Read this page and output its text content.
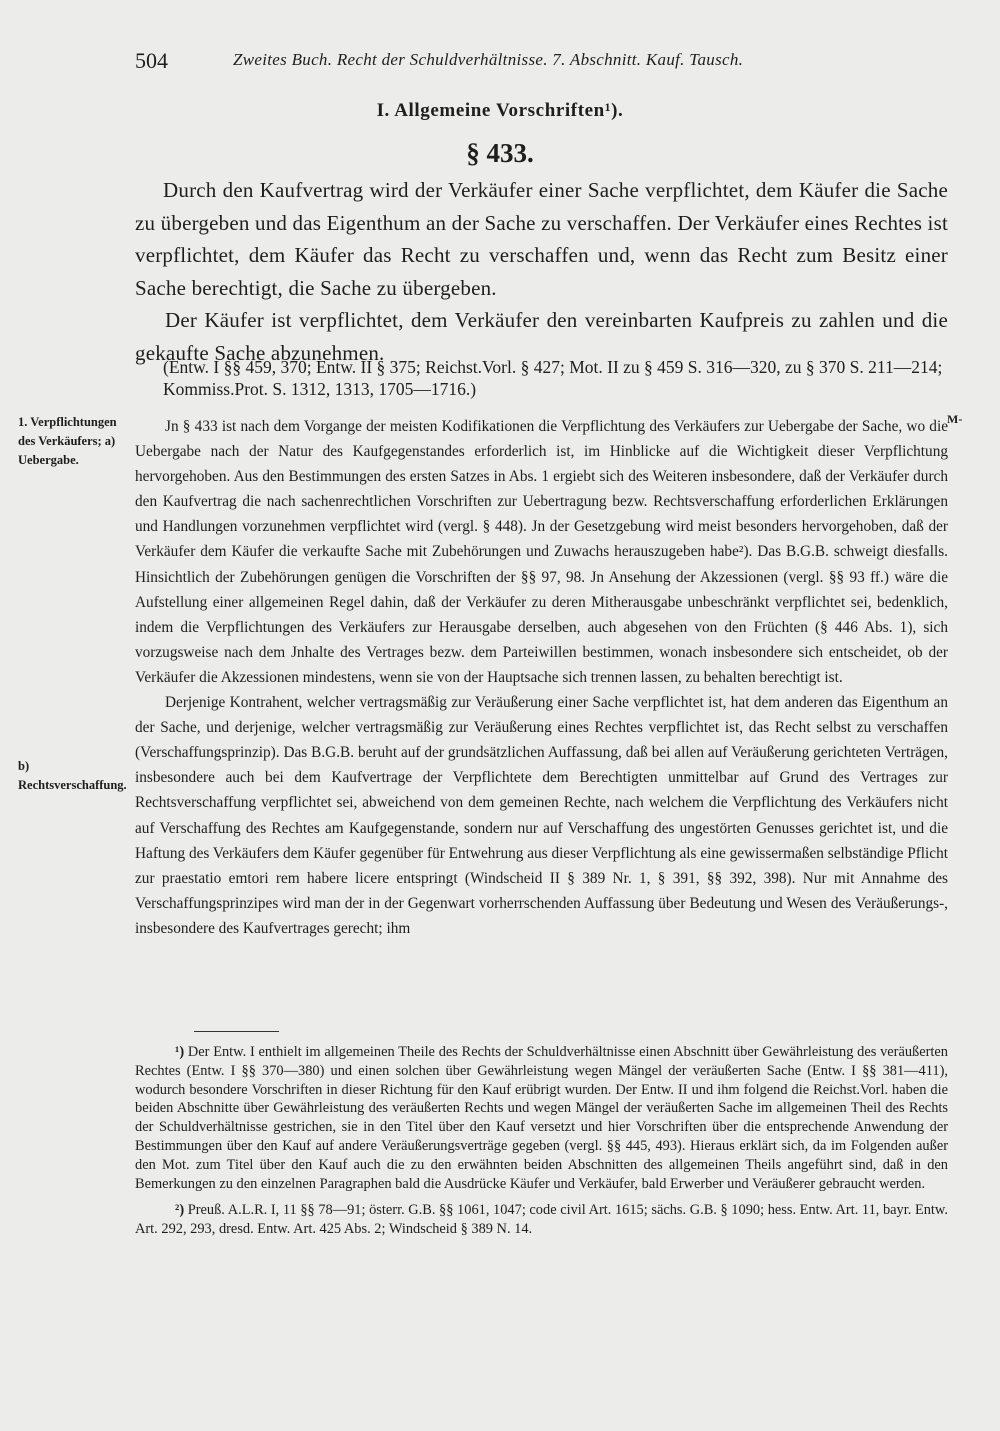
504	Zweites Buch. Recht der Schuldverhältnisse. 7. Abschnitt. Kauf. Tausch.
I. Allgemeine Vorschriften¹).
§ 433.

Durch den Kaufvertrag wird der Verkäufer einer Sache verpflichtet, dem Käufer die Sache zu übergeben und das Eigenthum an der Sache zu verschaffen. Der Verkäufer eines Rechtes ist verpflichtet, dem Käufer das Recht zu verschaffen und, wenn das Recht zum Besitz einer Sache berechtigt, die Sache zu übergeben.

Der Käufer ist verpflichtet, dem Verkäufer den vereinbarten Kaufpreis zu zahlen und die gekaufte Sache abzunehmen.

(Entw. I §§ 459, 370; Entw. II § 375; Reichst.Vorl. § 427; Mot. II zu § 459 S. 316—320, zu § 370 S. 211—214; Kommiss.Prot. S. 1312, 1313, 1705—1716.)
1. Verpflichtungen des Verkäufers; a) Uebergabe.
b) Rechtsverschaffung.
M-

Jn § 433 ist nach dem Vorgange der meisten Kodifikationen die Verpflichtung des Verkäufers zur Uebergabe der Sache, wo die Uebergabe nach der Natur des Kaufgegenstandes erforderlich ist, im Hinblicke auf die Wichtigkeit dieser Verpflichtung hervorgehoben. Aus den Bestimmungen des ersten Satzes in Abs. 1 ergiebt sich des Weiteren insbesondere, daß der Verkäufer durch den Kaufvertrag die nach sachenrechtlichen Vorschriften zur Uebertragung bezw. Rechtsverschaffung erforderlichen Erklärungen und Handlungen vorzunehmen verpflichtet wird (vergl. § 448). Jn der Gesetzgebung wird meist besonders hervorgehoben, daß der Verkäufer dem Käufer die verkaufte Sache mit Zubehörungen und Zuwachs herauszugeben habe²). Das B.G.B. schweigt diesfalls. Hinsichtlich der Zubehörungen genügen die Vorschriften der §§ 97, 98. Jn Ansehung der Akzessionen (vergl. §§ 93 ff.) wäre die Aufstellung einer allgemeinen Regel dahin, daß der Verkäufer zu deren Mitherausgabe unbeschränkt verpflichtet sei, bedenklich, indem die Verpflichtungen des Verkäufers zur Herausgabe derselben, auch abgesehen von den Früchten (§ 446 Abs. 1), sich vorzugsweise nach dem Jnhalte des Vertrages bezw. dem Parteiwillen bestimmen, wonach insbesondere sich entscheidet, ob der Verkäufer die Akzessionen mindestens, wenn sie von der Hauptsache sich trennen lassen, zu behalten berechtigt ist.

Derjenige Kontrahent, welcher vertragsmäßig zur Veräußerung einer Sache verpflichtet ist, hat dem anderen das Eigenthum an der Sache, und derjenige, welcher vertragsmäßig zur Veräußerung eines Rechtes verpflichtet ist, das Recht selbst zu verschaffen (Verschaffungsprinzip). Das B.G.B. beruht auf der grundsätzlichen Auffassung, daß bei allen auf Veräußerung gerichteten Verträgen, insbesondere auch bei dem Kaufvertrage der Verpflichtete dem Berechtigten unmittelbar auf Grund des Vertrages zur Rechtsverschaffung verpflichtet sei, abweichend von dem gemeinen Rechte, nach welchem die Verpflichtung des Verkäufers nicht auf Verschaffung des Rechtes am Kaufgegenstande, sondern nur auf Verschaffung des ungestörten Genusses gerichtet ist, und die Haftung des Verkäufers dem Käufer gegenüber für Entwehrung aus dieser Verpflichtung als eine gewissermaßen selbständige Pflicht zur praestatio emtori rem habere licere entspringt (Windscheid II § 389 Nr. 1, § 391, §§ 392, 398). Nur mit Annahme des Verschaffungsprinzipes wird man der in der Gegenwart vorherrschenden Auffassung über Bedeutung und Wesen des Veräußerungs-, insbesondere des Kaufvertrages gerecht; ihm

¹) Der Entw. I enthielt im allgemeinen Theile des Rechts der Schuldverhältnisse einen Abschnitt über Gewährleistung des veräußerten Rechtes (Entw. I §§ 370—380) und einen solchen über Gewährleistung wegen Mängel der veräußerten Sache (Entw. I §§ 381—411), wodurch besondere Vorschriften in dieser Richtung für den Kauf erübrigt wurden. Der Entw. II und ihm folgend die Reichst.Vorl. haben die beiden Abschnitte über Gewährleistung des veräußerten Rechts und wegen Mängel der veräußerten Sache im allgemeinen Theil des Rechts der Schuldverhältnisse gestrichen, sie in den Titel über den Kauf versetzt und hier Vorschriften über die entsprechende Anwendung der Bestimmungen über den Kauf auf andere Veräußerungsverträge gegeben (vergl. §§ 445, 493). Hieraus erklärt sich, da im Folgenden außer den Mot. zum Titel über den Kauf auch die zu den erwähnten beiden Abschnitten des allgemeinen Theils angeführt sind, daß in den Bemerkungen zu den einzelnen Paragraphen bald die Ausdrücke Käufer und Verkäufer, bald Erwerber und Veräußerer gebraucht werden.

²) Preuß. A.L.R. I, 11 §§ 78—91; österr. G.B. §§ 1061, 1047; code civil Art. 1615; sächs. G.B. § 1090; hess. Entw. Art. 11, bayr. Entw. Art. 292, 293, dresd. Entw. Art. 425 Abs. 2; Windscheid § 389 N. 14.
